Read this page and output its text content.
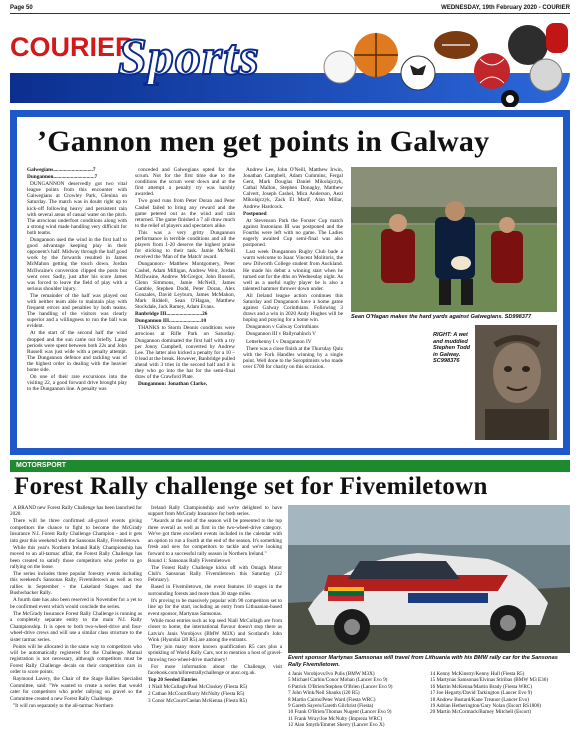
Page 50	WEDNESDAY, 19th February 2020 - COURIER
COURIER
Sports
’Gannon men get points in Galway

Galwegians..............................7

Dungannon...............................7

DUNGANNON deservedly got two vital league points from this encounter with Galwegians at Crowley Park, Glenina on Saturday. The match was in doubt right up to kick-off following heavy and persistent rain with several areas of casual water on the pitch. The atrocious underfoot conditions along with a strong wind made handling very difficult for both teams.

Dungannon used the wind in the first half to good advantage keeping play in their opponent's half. Midway through the half good work by the forwards resulted in James McMahon getting the touch down. Jordan McIlwaine's conversion clipped the posts but went over. Sadly, just after his score James was forced to leave the field of play with a serious shoulder injury.

The remainder of the half was played out with neither team able to maintain play with frequent errors and penalties by both teams. The handling of the visitors was clearly superior and a willingness to run the ball was evident.

At the start of the second half the wind dropped and the sun came out briefly. Large periods were spent between both 22s and John Russell was just wide with a penalty attempt. The Dungannon defence and tackling was of the highest order in dealing with the heavier home side.

On one of their rare excursions into the visiting 22, a good forward drive brought play to the Dungannon line. A penalty was

conceded and Galwegians opted for the scrum. Not for the first time due to the conditions the scrum went down and at the first attempt a penalty try was harshly awarded.

Two good runs from Peter Doran and Peter Cashel failed to bring any reward and the game petered out as the wind and rain returned. The game finished a 7 all draw much to the relief of players and spectators alike.

This was a very gritty Dungannon performance in terrible conditions and all the players from 1-20 deserve the highest praise for sticking to their task. Jamie McNeill received the 'Man of the Match' award.

Dungannon:- Matthew Montgomery, Peter Cashel, Adam Milligan, Andrew Weir, Jordan McIlwaine, Andrew McGregor, John Russell, Glenn Simmons, Jamie McNeill, James Gamble, Stephen Dodd, Peter Doran, Alex Gonzales, David Leyburn, James McMahon, Mark Riddell, Sean O'Hagan, Matthew Stockdale, Jack Ramey, Adam Evans.

Banbridge III...........................26

Dungannon III........................10

THANKS to Storm Dennis conditions were atrocious at Rifle Park on Saturday. Dungannon dominated the first half with a try per Jonny Campbell, converted by Andrew Lee. The latter also kicked a penalty for a 10 – 0 lead at the break. However, Banbridge pulled ahead with 3 tries in the second half and it is they who go into the hat for the semi-final draw of the Crawford Plate.

Dungannon: Jonathan Clarke,

Andrew Lee, John O'Neill, Matthew Irwin, Jonathan Campbell, Adam Cummins, Fergal Gent, Mark Douglas Daniel Mikolajczyk, Cathal Mallon, Stephen Donaghy, Matthew Calvert, Joseph Cashel, Mica Anderson, Aezi Mikolajczyk, Zack El Marif, Alan Millar, Andrew Hardcock.

Postponed

At Stevenson Park the Forster Cup match against Instonians III was postponed and the Fourths were left with no game. The Ladies eagerly awaited Cup semi-final was also postponed.

Last week Dungannon Rugby Club bade a warm welcome to Isaac Vincent Molitoris, the new Dilworth College student from Auckland. He made his debut a winning start when he turned out for the 4ths on Wednesday night. As well as a useful rugby player he is also a talented hammer thrower down under.

All Ireland league action continues this Saturday and Dungannon have a home game against Galway Corinthians. Following 3 draws and a win in 2020 Andy Hughes will be hoping and praying for a home win.

Dungannon v Galway Corinthians

Dungannon III v Ballynahinch V

Letterkenny I v Dungannon IV

There was a close finish at the Thursday Quiz with the Fork Handles winning by a single point. Well done to the Soroptimists who made over £700 for charity on this occasion.

Sean O'Hagan makes the hard yards against Galwegians. SD998377
RIGHT: A wet and muddied Stephen Todd in Galway. SC998376
MOTORSPORT
Forest Rally challenge set for Fivemiletown

A BRAND new Forest Rally Challenge has been launched for 2020.

There will be three confirmed all-gravel events giving competitors the chance to fight to become the McGrady Insurance N.I. Forest Rally Challenge Champion - and it gets into gear this weekend with the Sansonas Rally, Fivemiletown.

While this year's Northern Ireland Rally Championship has moved to an all-tarmac affair, the Forest Rally Challenge has been created to satisfy those competitors who prefer to go rallying on the loose.

The series includes three popular forestry events including this weekend's Sansonas Rally, Fivemiletown as well as two rallies in September - the Lakeland Stages and the Bushwhacker Rally.

A fourth date has also been reserved in November for a yet to be confirmed event which would conclude the series.

The McGrady Insurance Forest Rally Challenge is running as a completely separate entity to the main N.I. Rally Championship. It is open to both two-wheel-drive and four-wheel-drive crews and will use a similar class structure to the sister tarmac series.

Points will be allocated in the same way to competitors who will be automatically registered for the Challenge. Mutual registration is not necessary, although competitors must be Forest Rally Challenge decals on their competition cars in order to score points.

Raymond Lavery, the Chair of the Stage Rallies Specialist Committee, said: "We wanted to create a series that would cater for competitors who prefer rallying on gravel so the Committee created a new Forest Rally Challenge.

"It will run separately to the all-tarmac Northern

Ireland Rally Championship and we're delighted to have support from McGrady Insurance for both series.

"Awards at the end of the season will be presented to the top three overall as well as first in the two-wheel-drive category. We've got three excellent events included in the calendar with an option to run a fourth at the end of the season. It's something fresh and new for competitors to tackle and we're looking forward to a successful rally season in Northern Ireland."

Round 1: Sansonas Rally Fivemiletown

The Forest Rally Challenge kicks off with Omagh Motor Club's Sansonas Rally Fivemiletown this Saturday (22 February).

Based in Fivemiletown, the event features 10 stages in the surrounding forests and more than 30 stage miles.

It's proving to be massively popular with 90 competitors set to line up for the start, including an entry from Lithuanian-based event sponsor, Martynas Samsonas.

While most entries such as top seed Niall McCullagh are from closer to home, the international flavour doesn't stop there as Latvia's Janis Vorobjovs (BMW M3X) and Scotland's John Wink (Hyundai i20 R5) are among the entrants.

They join many more known qualification R5 cars plus a sprinkling of World Rally Cars, not to mention a host of gravel-throwing two-wheel-drive machinery!

For more information about the Challenge, visit facebook.com/niforestrallychallenge or ansc.org.uk.

Top 20 Seeded Entries

1 Niall McCullagh/Paul McCloskey (Fiesta R5)

2 Cathan McCourt/Barry McNulty (Fiesta R5)

3 Conor McCourt/Caelan McKenna (Fiesta R5)

Event sponsor Martynas Samsonas will travel from Lithuania with his BMW rally car for the Sansonas Rally Fivemiletown.
4 Janis Vorobjovs/Ivo Pulis (BMW M3X)
5 Michael Carbin/Conor Mohan (Lancer Evo 9)
6 Patrick O'Brien/Stephen O'Brien (Lancer Evo 9)
7 John Wink/Neil Shanks (i20 R5)
8 Martin Cairns/Peter Ward (Fiesta WRC)
9 Gareth Sayers/Gareth Gilchrist (Fiesta)
10 Frank O'Brien/Thomas Nugent (Lancer Evo 9)
11 Frank Wray/Joe McNulty (Impreza WRC)
12 Alan Smyth/Emmet Sherry (Lancer Evo X)
14 Kenny McKinstry/Kenny Hull (Fiesta R5)
15 Martynas Samsonas/Eivinas Stiribas (BMW M3 E36)
16 Martin McKenna/Martin Brady (Fiesta WRC)
17 Joe Hegarty/David Tarkington (Lancer Evo 9)
18 Andrew Bustard/Kane Treanor (Lancer Evo)
19 Adrian Hetherington/Gary Nolan (Escort RS1800)
20 Martin McCormack/Barney Mitchell (Escort)
